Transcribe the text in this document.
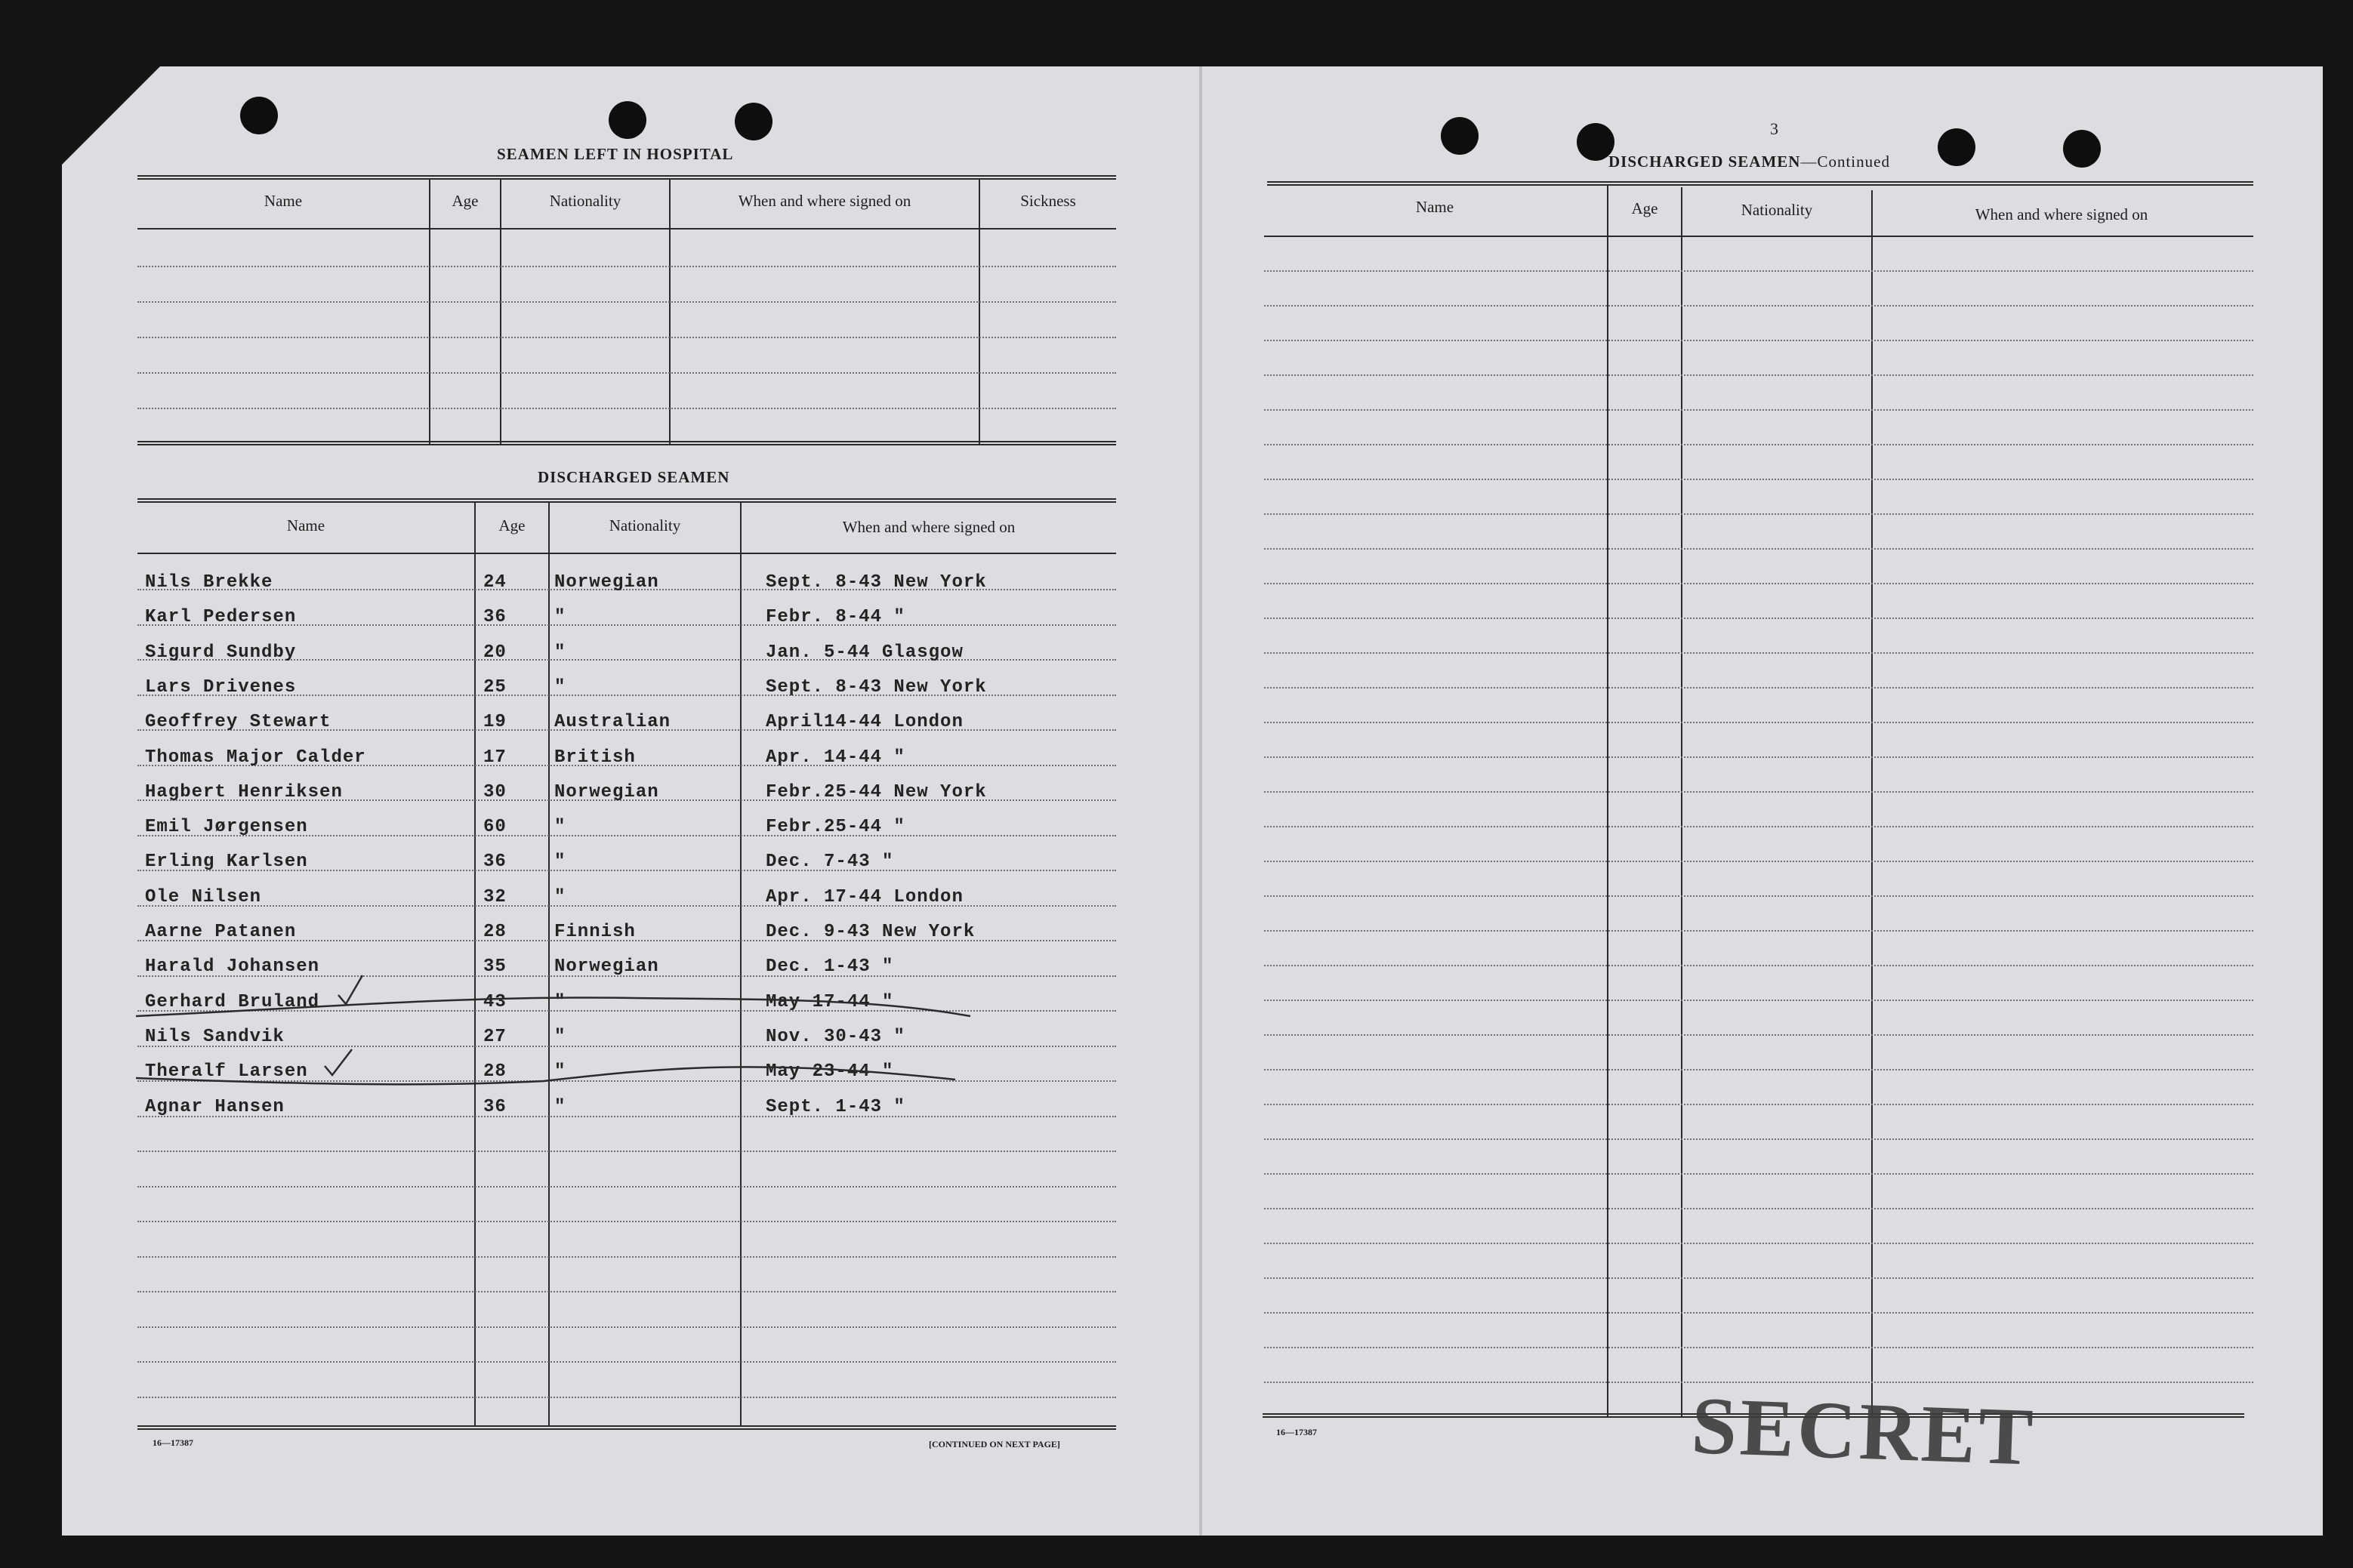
SEAMEN LEFT IN HOSPITAL
Name	Age	Nationality	When and where signed on	Sickness
DISCHARGED SEAMEN
Name	Age	Nationality	When and where signed on
Nils Brekke	24	Norwegian	Sept. 8-43 New York
Karl Pedersen	36	"	Febr. 8-44 "
Sigurd Sundby	20	"	Jan. 5-44 Glasgow
Lars Drivenes	25	"	Sept. 8-43 New York
Geoffrey Stewart	19	Australian	April14-44 London
Thomas Major Calder	17	British	Apr. 14-44 "
Hagbert Henriksen	30	Norwegian	Febr.25-44 New York
Emil Jørgensen	60	"	Febr.25-44 "
Erling Karlsen	36	"	Dec. 7-43 "
Ole Nilsen	32	"	Apr. 17-44 London
Aarne Patanen	28	Finnish	Dec. 9-43 New York
Harald Johansen	35	Norwegian	Dec. 1-43 "
Gerhard Bruland	43	"	May 17-44 "
Nils Sandvik	27	"	Nov. 30-43 "
Theralf Larsen	28	"	May 23-44 "
Agnar Hansen	36	"	Sept. 1-43 "
16—17387	[CONTINUED ON NEXT PAGE]
3
DISCHARGED SEAMEN—Continued
Name	Age	Nationality	When and where signed on
16—17387	SECRET
